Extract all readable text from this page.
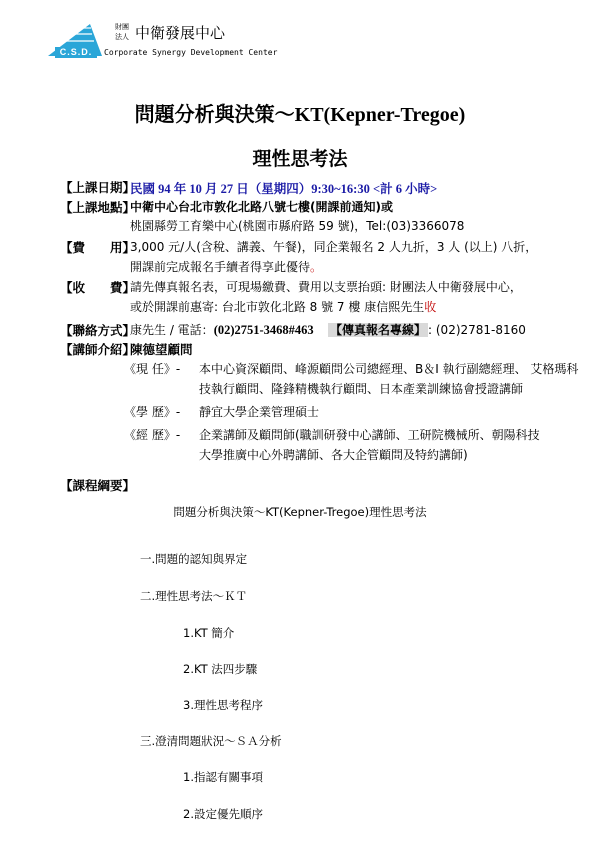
C.S.D.
財團
法人 中衛發展中心
Corporate Synergy Development Center
問題分析與決策～KT(Kepner-Tregoe)
理性思考法
【上課日期】
民國 94 年 10 月 27 日（星期四）9:30~16:30 <計 6 小時>
【上課地點】
中衛中心台北市敦化北路八號七樓(開課前通知)或
桃園縣勞工育樂中心(桃園市縣府路 59 號)，Tel:(03)3366078
【費　　用】
3,000 元/人(含稅、講義、午餐)，同企業報名 2 人九折，3 人 (以上) 八折，
開課前完成報名手續者得享此優待。
【收　　費】
請先傳真報名表，可現場繳費、費用以支票抬頭: 財團法人中衛發展中心，
或於開課前惠寄: 台北市敦化北路 8 號 7 樓 康信熙先生收
【聯絡方式】
康先生 / 電話：(02)2751-3468#463 【傳真報名專線】 : (02)2781-8160
【講師介紹】
陳德望顧問
《現 任》- 本中心資深顧問、峰源顧問公司總經理、B＆I 執行副總經理、 艾格瑪科
技執行顧問、隆鋒精機執行顧問、日本產業訓練協會授證講師
《學 歷》- 靜宜大學企業管理碩士
《經 歷》- 企業講師及顧問師(職訓研發中心講師、工研院機械所、朝陽科技
大學推廣中心外聘講師、各大企管顧問及特約講師)
【課程綱要】
問題分析與決策～KT(Kepner-Tregoe)理性思考法
一.問題的認知與界定
二.理性思考法～ＫＴ
1.KT 簡介
2.KT 法四步驟
3.理性思考程序
三.澄清問題狀況～ＳＡ分析
1.指認有關事項
2.設定優先順序
